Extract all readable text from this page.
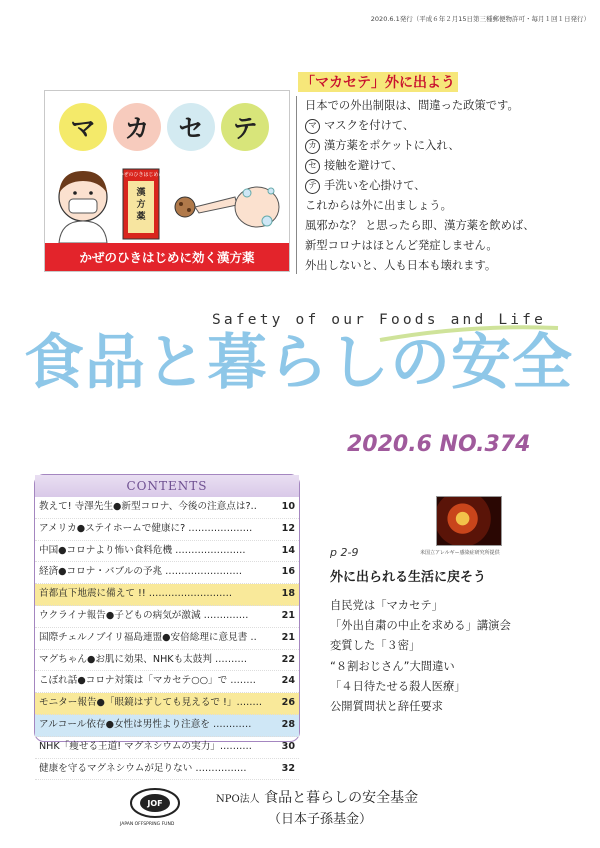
2020.6.1発行（平成６年２月15日第三種郵便物許可・毎月１回１日発行）
マ	カ	セ	テ
かぜのひきはじめに
漢
方
薬
かぜのひきはじめに効く漢方薬
「マカセテ」外に出よう
日本での外出制限は、間違った政策です。
マ マスクを付けて、
カ 漢方薬をポケットに入れ、
セ 接触を避けて、
テ 手洗いを心掛けて、
これからは外に出ましょう。
風邪かな？ と思ったら即、漢方薬を飲めば、
新型コロナはほとんど発症しません。
外出しないと、人も日本も壊れます。
Safety of our Foods and Life
食品と暮らしの安全
2020.6 NO.374
CONTENTS
教えて! 寺澤先生●新型コロナ、今後の注意点は?‥	10
アメリカ●ステイホームで健康に? ‥‥‥‥‥‥‥‥‥‥	12
中国●コロナより怖い食料危機 ‥‥‥‥‥‥‥‥‥‥‥	14
経済●コロナ・バブルの予兆 ‥‥‥‥‥‥‥‥‥‥‥‥	16
首都直下地震に備えて !! ‥‥‥‥‥‥‥‥‥‥‥‥‥	18
ウクライナ報告●子どもの病気が激減 ‥‥‥‥‥‥‥	21
国際チェルノブイリ福島連盟●安倍総理に意見書 ‥	21
マグちゃん●お肌に効果、NHKも太鼓判 ‥‥‥‥‥	22
こぼれ話●コロナ対策は「マカセテ○○」で ‥‥‥‥	24
モニター報告●「眼鏡はずしても見えるで !」‥‥‥‥ 26
アルコール依存●女性は男性より注意を ‥‥‥‥‥‥	28
NHK「痩せる王道! マグネシウムの実力」‥‥‥‥‥	30
健康を守るマグネシウムが足りない ‥‥‥‥‥‥‥‥	32
米国立アレルギー感染症研究所提供
p 2-9
外に出られる生活に戻そう
自民党は「マカセテ」
「外出自粛の中止を求める」講演会
変質した「３密」
“８割おじさん”大間違い
「４日待たせる殺人医療」
公開質問状と辞任要求
JOF
JAPAN OFFSPRING FUND
NPO法人 食品と暮らしの安全基金
（日本子孫基金）
